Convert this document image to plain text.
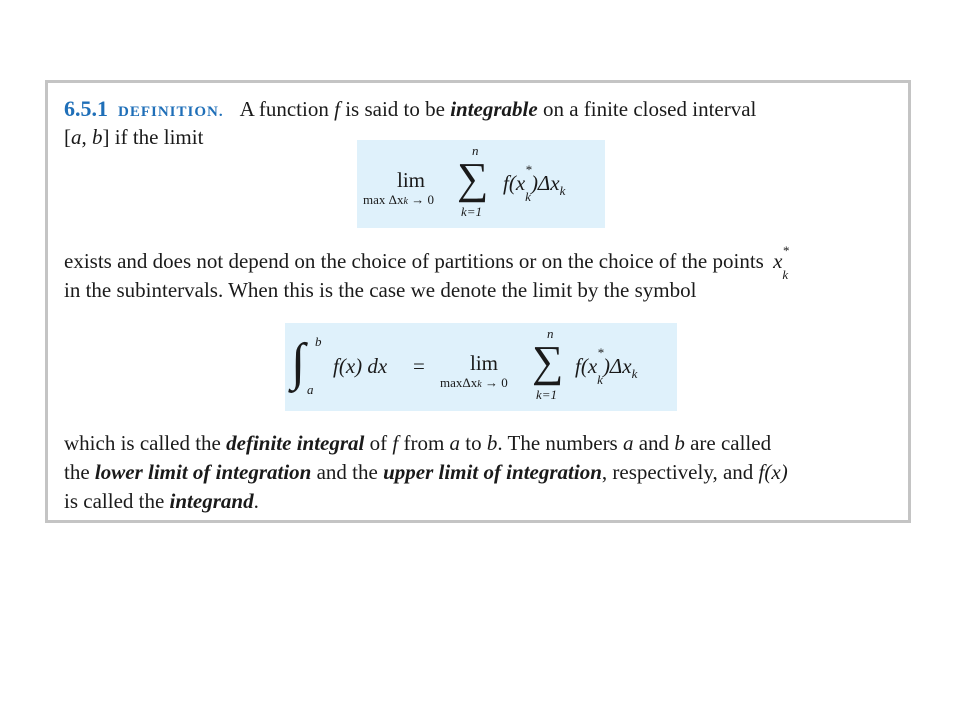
6.5.1 DEFINITION. A function f is said to be integrable on a finite closed interval
[a, b] if the limit
lim
max Δxk → 0
n
∑
k=1
f(x
*
$_k)\Delta x_k$
exists and does not depend on the choice of partitions or on the choice of the points x *
$_k$
in the subintervals. When this is the case we denote the limit by the symbol
∫ b
a
f(x) dx = lim
maxΔxk → 0
n
∑
k=1
f(x
*
$_k)\Delta x_k$
which is called the definite integral of f from a to b. The numbers a and b are called
the lower limit of integration and the upper limit of integration, respectively, and f(x)
is called the integrand.
